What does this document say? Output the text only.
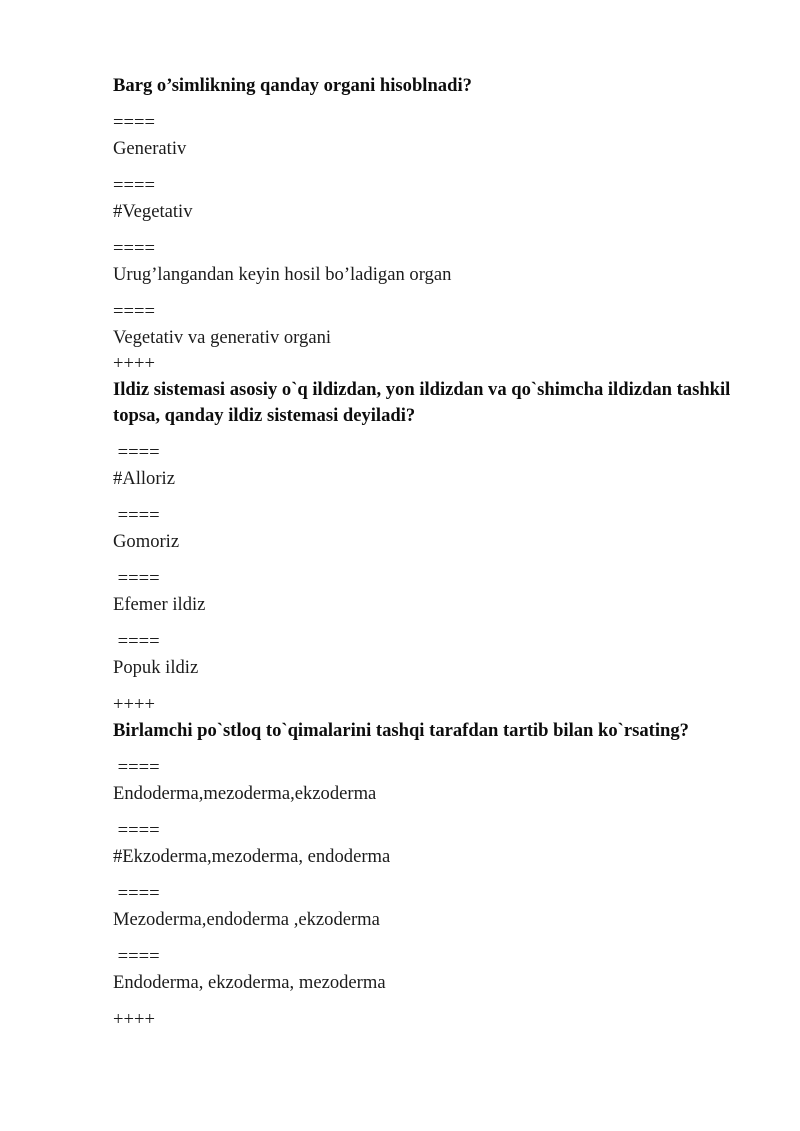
Barg o’simlikning qanday organi hisoblnadi?

====

Generativ

====

#Vegetativ

====

Urug’langandan keyin hosil bo’ladigan organ

====

Vegetativ va generativ organi

++++

Ildiz sistemasi asosiy o`q ildizdan, yon ildizdan va qo`shimcha ildizdan tashkil topsa, qanday ildiz sistemasi deyiladi?

====

#Alloriz

====

Gomoriz

====

Efemer ildiz

====

Popuk ildiz

++++

Birlamchi po`stloq to`qimalarini tashqi tarafdan tartib bilan ko`rsating?

====

Endoderma,mezoderma,ekzoderma

====

#Ekzoderma,mezoderma, endoderma

====

Mezoderma,endoderma ,ekzoderma

====

Endoderma, ekzoderma, mezoderma

++++
